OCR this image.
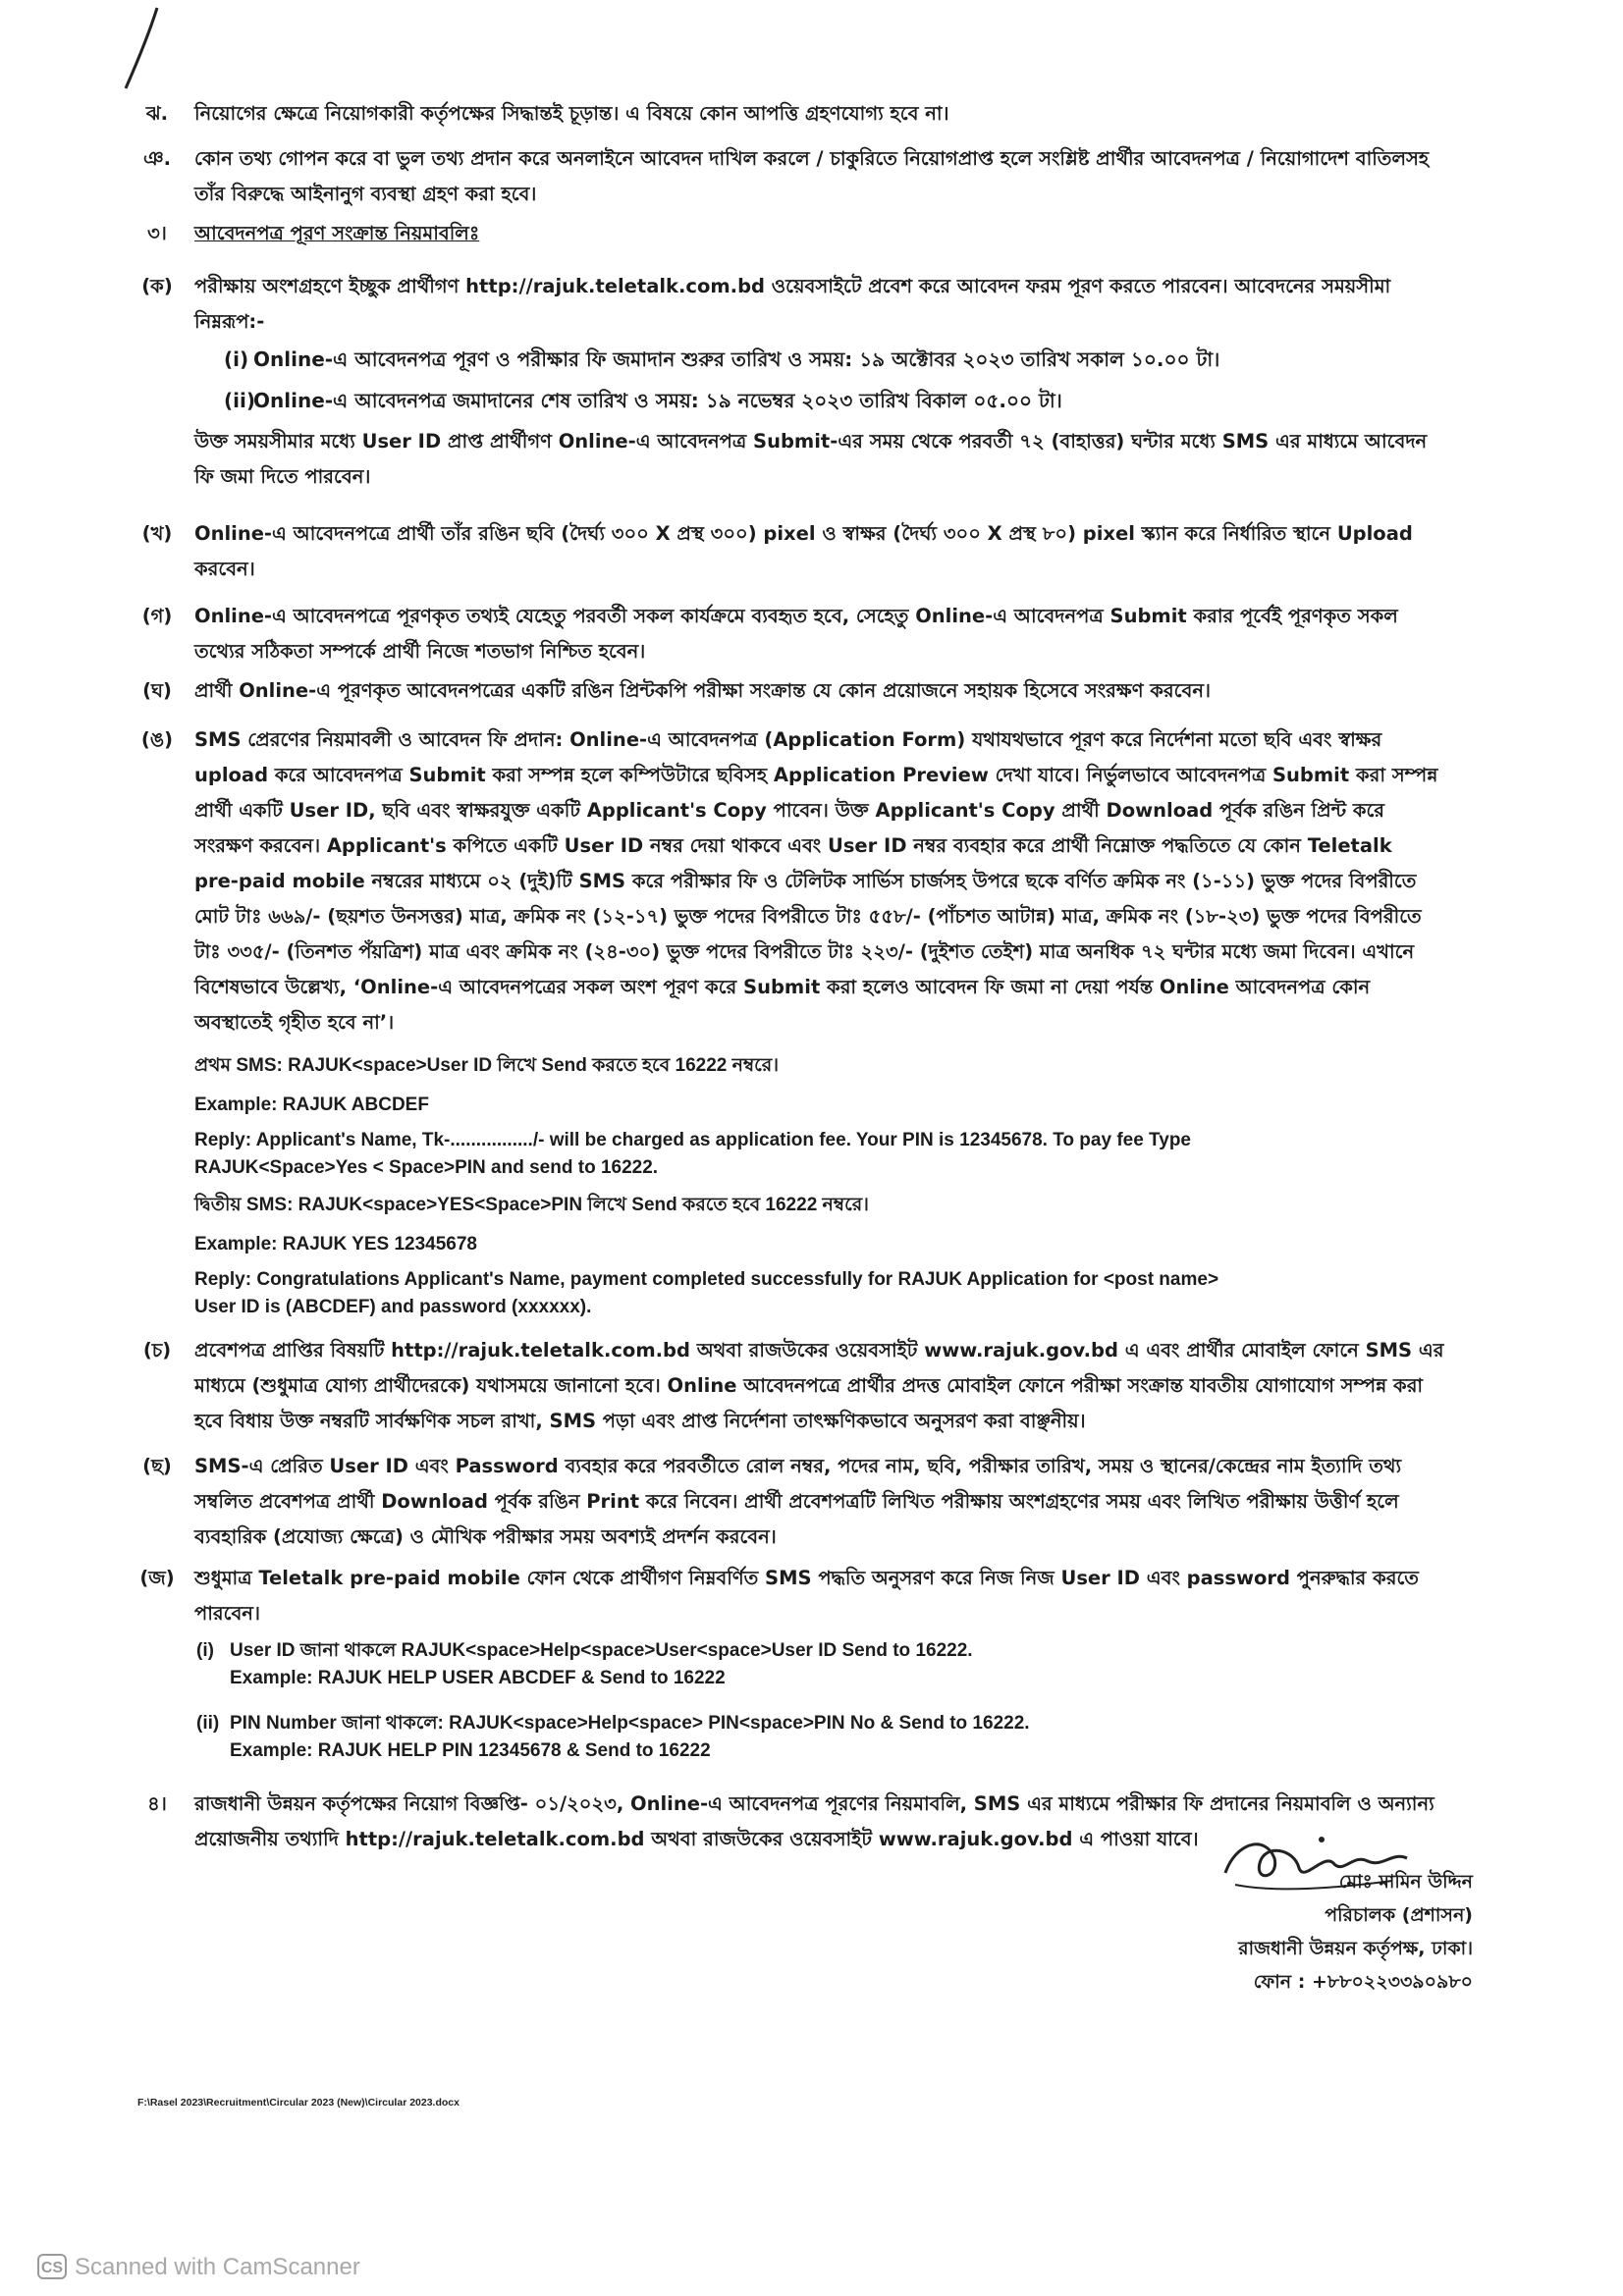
ঝ.	নিয়োগের ক্ষেত্রে নিয়োগকারী কর্তৃপক্ষের সিদ্ধান্তই চূড়ান্ত। এ বিষয়ে কোন আপত্তি গ্রহণযোগ্য হবে না।
ঞ.	কোন তথ্য গোপন করে বা ভুল তথ্য প্রদান করে অনলাইনে আবেদন দাখিল করলে / চাকুরিতে নিয়োগপ্রাপ্ত হলে সংশ্লিষ্ট প্রার্থীর আবেদনপত্র / নিয়োগাদেশ বাতিলসহ
তাঁর বিরুদ্ধে আইনানুগ ব্যবস্থা গ্রহণ করা হবে।
৩।	আবেদনপত্র পূরণ সংক্রান্ত নিয়মাবলিঃ
(ক) পরীক্ষায় অংশগ্রহণে ইচ্ছুক প্রার্থীগণ http://rajuk.teletalk.com.bd ওয়েবসাইটে প্রবেশ করে আবেদন ফরম পূরণ করতে পারবেন। আবেদনের সময়সীমা
নিম্নরূপ:-
(i) Online-এ আবেদনপত্র পূরণ ও পরীক্ষার ফি জমাদান শুরুর তারিখ ও সময়: ১৯ অক্টোবর ২০২৩ তারিখ সকাল ১০.০০ টা।
(ii)Online-এ আবেদনপত্র জমাদানের শেষ তারিখ ও সময়: ১৯ নভেম্বর ২০২৩ তারিখ বিকাল ০৫.০০ টা।
উক্ত সময়সীমার মধ্যে User ID প্রাপ্ত প্রার্থীগণ Online-এ আবেদনপত্র Submit-এর সময় থেকে পরবর্তী ৭২ (বাহাত্তর) ঘন্টার মধ্যে SMS এর মাধ্যমে আবেদন
ফি জমা দিতে পারবেন।
(খ) Online-এ আবেদনপত্রে প্রার্থী তাঁর রঙিন ছবি (দৈর্ঘ্য ৩০০ X প্রস্থ ৩০০) pixel ও স্বাক্ষর (দৈর্ঘ্য ৩০০ X প্রস্থ ৮০) pixel স্ক্যান করে নির্ধারিত স্থানে Upload
করবেন।
(গ) Online-এ আবেদনপত্রে পূরণকৃত তথ্যই যেহেতু পরবর্তী সকল কার্যক্রমে ব্যবহৃত হবে, সেহেতু Online-এ আবেদনপত্র Submit করার পূর্বেই পূরণকৃত সকল
তথ্যের সঠিকতা সম্পর্কে প্রার্থী নিজে শতভাগ নিশ্চিত হবেন।
(ঘ) প্রার্থী Online-এ পূরণকৃত আবেদনপত্রের একটি রঙিন প্রিন্টকপি পরীক্ষা সংক্রান্ত যে কোন প্রয়োজনে সহায়ক হিসেবে সংরক্ষণ করবেন।
(ঙ) SMS প্রেরণের নিয়মাবলী ও আবেদন ফি প্রদান: Online-এ আবেদনপত্র (Application Form) যথাযথভাবে পূরণ করে নির্দেশনা মতো ছবি এবং স্বাক্ষর
upload করে আবেদনপত্র Submit করা সম্পন্ন হলে কম্পিউটারে ছবিসহ Application Preview দেখা যাবে। নির্ভুলভাবে আবেদনপত্র Submit করা সম্পন্ন
প্রার্থী একটি User ID, ছবি এবং স্বাক্ষরযুক্ত একটি Applicant's Copy পাবেন। উক্ত Applicant's Copy প্রার্থী Download পূর্বক রঙিন প্রিন্ট করে
সংরক্ষণ করবেন। Applicant's কপিতে একটি User ID নম্বর দেয়া থাকবে এবং User ID নম্বর ব্যবহার করে প্রার্থী নিম্নোক্ত পদ্ধতিতে যে কোন Teletalk
pre-paid mobile নম্বরের মাধ্যমে ০২ (দুই)টি SMS করে পরীক্ষার ফি ও টেলিটক সার্ভিস চার্জসহ উপরে ছকে বর্ণিত ক্রমিক নং (১-১১) ভুক্ত পদের বিপরীতে
মোট টাঃ ৬৬৯/- (ছয়শত উনসত্তর) মাত্র, ক্রমিক নং (১২-১৭) ভুক্ত পদের বিপরীতে টাঃ ৫৫৮/- (পাঁচশত আটান্ন) মাত্র, ক্রমিক নং (১৮-২৩) ভুক্ত পদের বিপরীতে
টাঃ ৩৩৫/- (তিনশত পঁয়ত্রিশ) মাত্র এবং ক্রমিক নং (২৪-৩০) ভুক্ত পদের বিপরীতে টাঃ ২২৩/- (দুইশত তেইশ) মাত্র অনধিক ৭২ ঘন্টার মধ্যে জমা দিবেন। এখানে
বিশেষভাবে উল্লেখ্য, ‘Online-এ আবেদনপত্রের সকল অংশ পূরণ করে Submit করা হলেও আবেদন ফি জমা না দেয়া পর্যন্ত Online আবেদনপত্র কোন
অবস্থাতেই গৃহীত হবে না’।
প্রথম SMS: RAJUK<space>User ID লিখে Send করতে হবে 16222 নম্বরে।
Example: RAJUK ABCDEF
Reply: Applicant's Name, Tk-................/- will be charged as application fee. Your PIN is 12345678. To pay fee Type
RAJUK<Space>Yes < Space>PIN and send to 16222.
দ্বিতীয় SMS: RAJUK<space>YES<Space>PIN লিখে Send করতে হবে 16222 নম্বরে।
Example: RAJUK YES 12345678
Reply: Congratulations Applicant's Name, payment completed successfully for RAJUK Application for <post name>
User ID is (ABCDEF) and password (xxxxxx).
(চ) প্রবেশপত্র প্রাপ্তির বিষয়টি http://rajuk.teletalk.com.bd অথবা রাজউকের ওয়েবসাইট www.rajuk.gov.bd এ এবং প্রার্থীর মোবাইল ফোনে SMS এর
মাধ্যমে (শুধুমাত্র যোগ্য প্রার্থীদেরকে) যথাসময়ে জানানো হবে। Online আবেদনপত্রে প্রার্থীর প্রদত্ত মোবাইল ফোনে পরীক্ষা সংক্রান্ত যাবতীয় যোগাযোগ সম্পন্ন করা
হবে বিধায় উক্ত নম্বরটি সার্বক্ষণিক সচল রাখা, SMS পড়া এবং প্রাপ্ত নির্দেশনা তাৎক্ষণিকভাবে অনুসরণ করা বাঞ্ছনীয়।
(ছ) SMS-এ প্রেরিত User ID এবং Password ব্যবহার করে পরবর্তীতে রোল নম্বর, পদের নাম, ছবি, পরীক্ষার তারিখ, সময় ও স্থানের/কেন্দ্রের নাম ইত্যাদি তথ্য
সম্বলিত প্রবেশপত্র প্রার্থী Download পূর্বক রঙিন Print করে নিবেন। প্রার্থী প্রবেশপত্রটি লিখিত পরীক্ষায় অংশগ্রহণের সময় এবং লিখিত পরীক্ষায় উত্তীর্ণ হলে
ব্যবহারিক (প্রযোজ্য ক্ষেত্রে) ও মৌখিক পরীক্ষার সময় অবশ্যই প্রদর্শন করবেন।
(জ) শুধুমাত্র Teletalk pre-paid mobile ফোন থেকে প্রার্থীগণ নিম্নবর্ণিত SMS পদ্ধতি অনুসরণ করে নিজ নিজ User ID এবং password পুনরুদ্ধার করতে
পারবেন।
(i) User ID জানা থাকলে RAJUK<space>Help<space>User<space>User ID Send to 16222.
Example: RAJUK HELP USER ABCDEF & Send to 16222
(ii) PIN Number জানা থাকলে: RAJUK<space>Help<space> PIN<space>PIN No & Send to 16222.
Example: RAJUK HELP PIN 12345678 & Send to 16222
৪।	রাজধানী উন্নয়ন কর্তৃপক্ষের নিয়োগ বিজ্ঞপ্তি- ০১/২০২৩, Online-এ আবেদনপত্র পূরণের নিয়মাবলি, SMS এর মাধ্যমে পরীক্ষার ফি প্রদানের নিয়মাবলি ও অন্যান্য
প্রয়োজনীয় তথ্যাদি http://rajuk.teletalk.com.bd অথবা রাজউকের ওয়েবসাইট www.rajuk.gov.bd এ পাওয়া যাবে।
মোঃ মামিন উদ্দিন
পরিচালক (প্রশাসন)
রাজধানী উন্নয়ন কর্তৃপক্ষ, ঢাকা।
ফোন : +৮৮০২২৩৩৯০৯৮০
F:\Rasel 2023\Recruitment\Circular 2023 (New)\Circular 2023.docx
CS Scanned with CamScanner
